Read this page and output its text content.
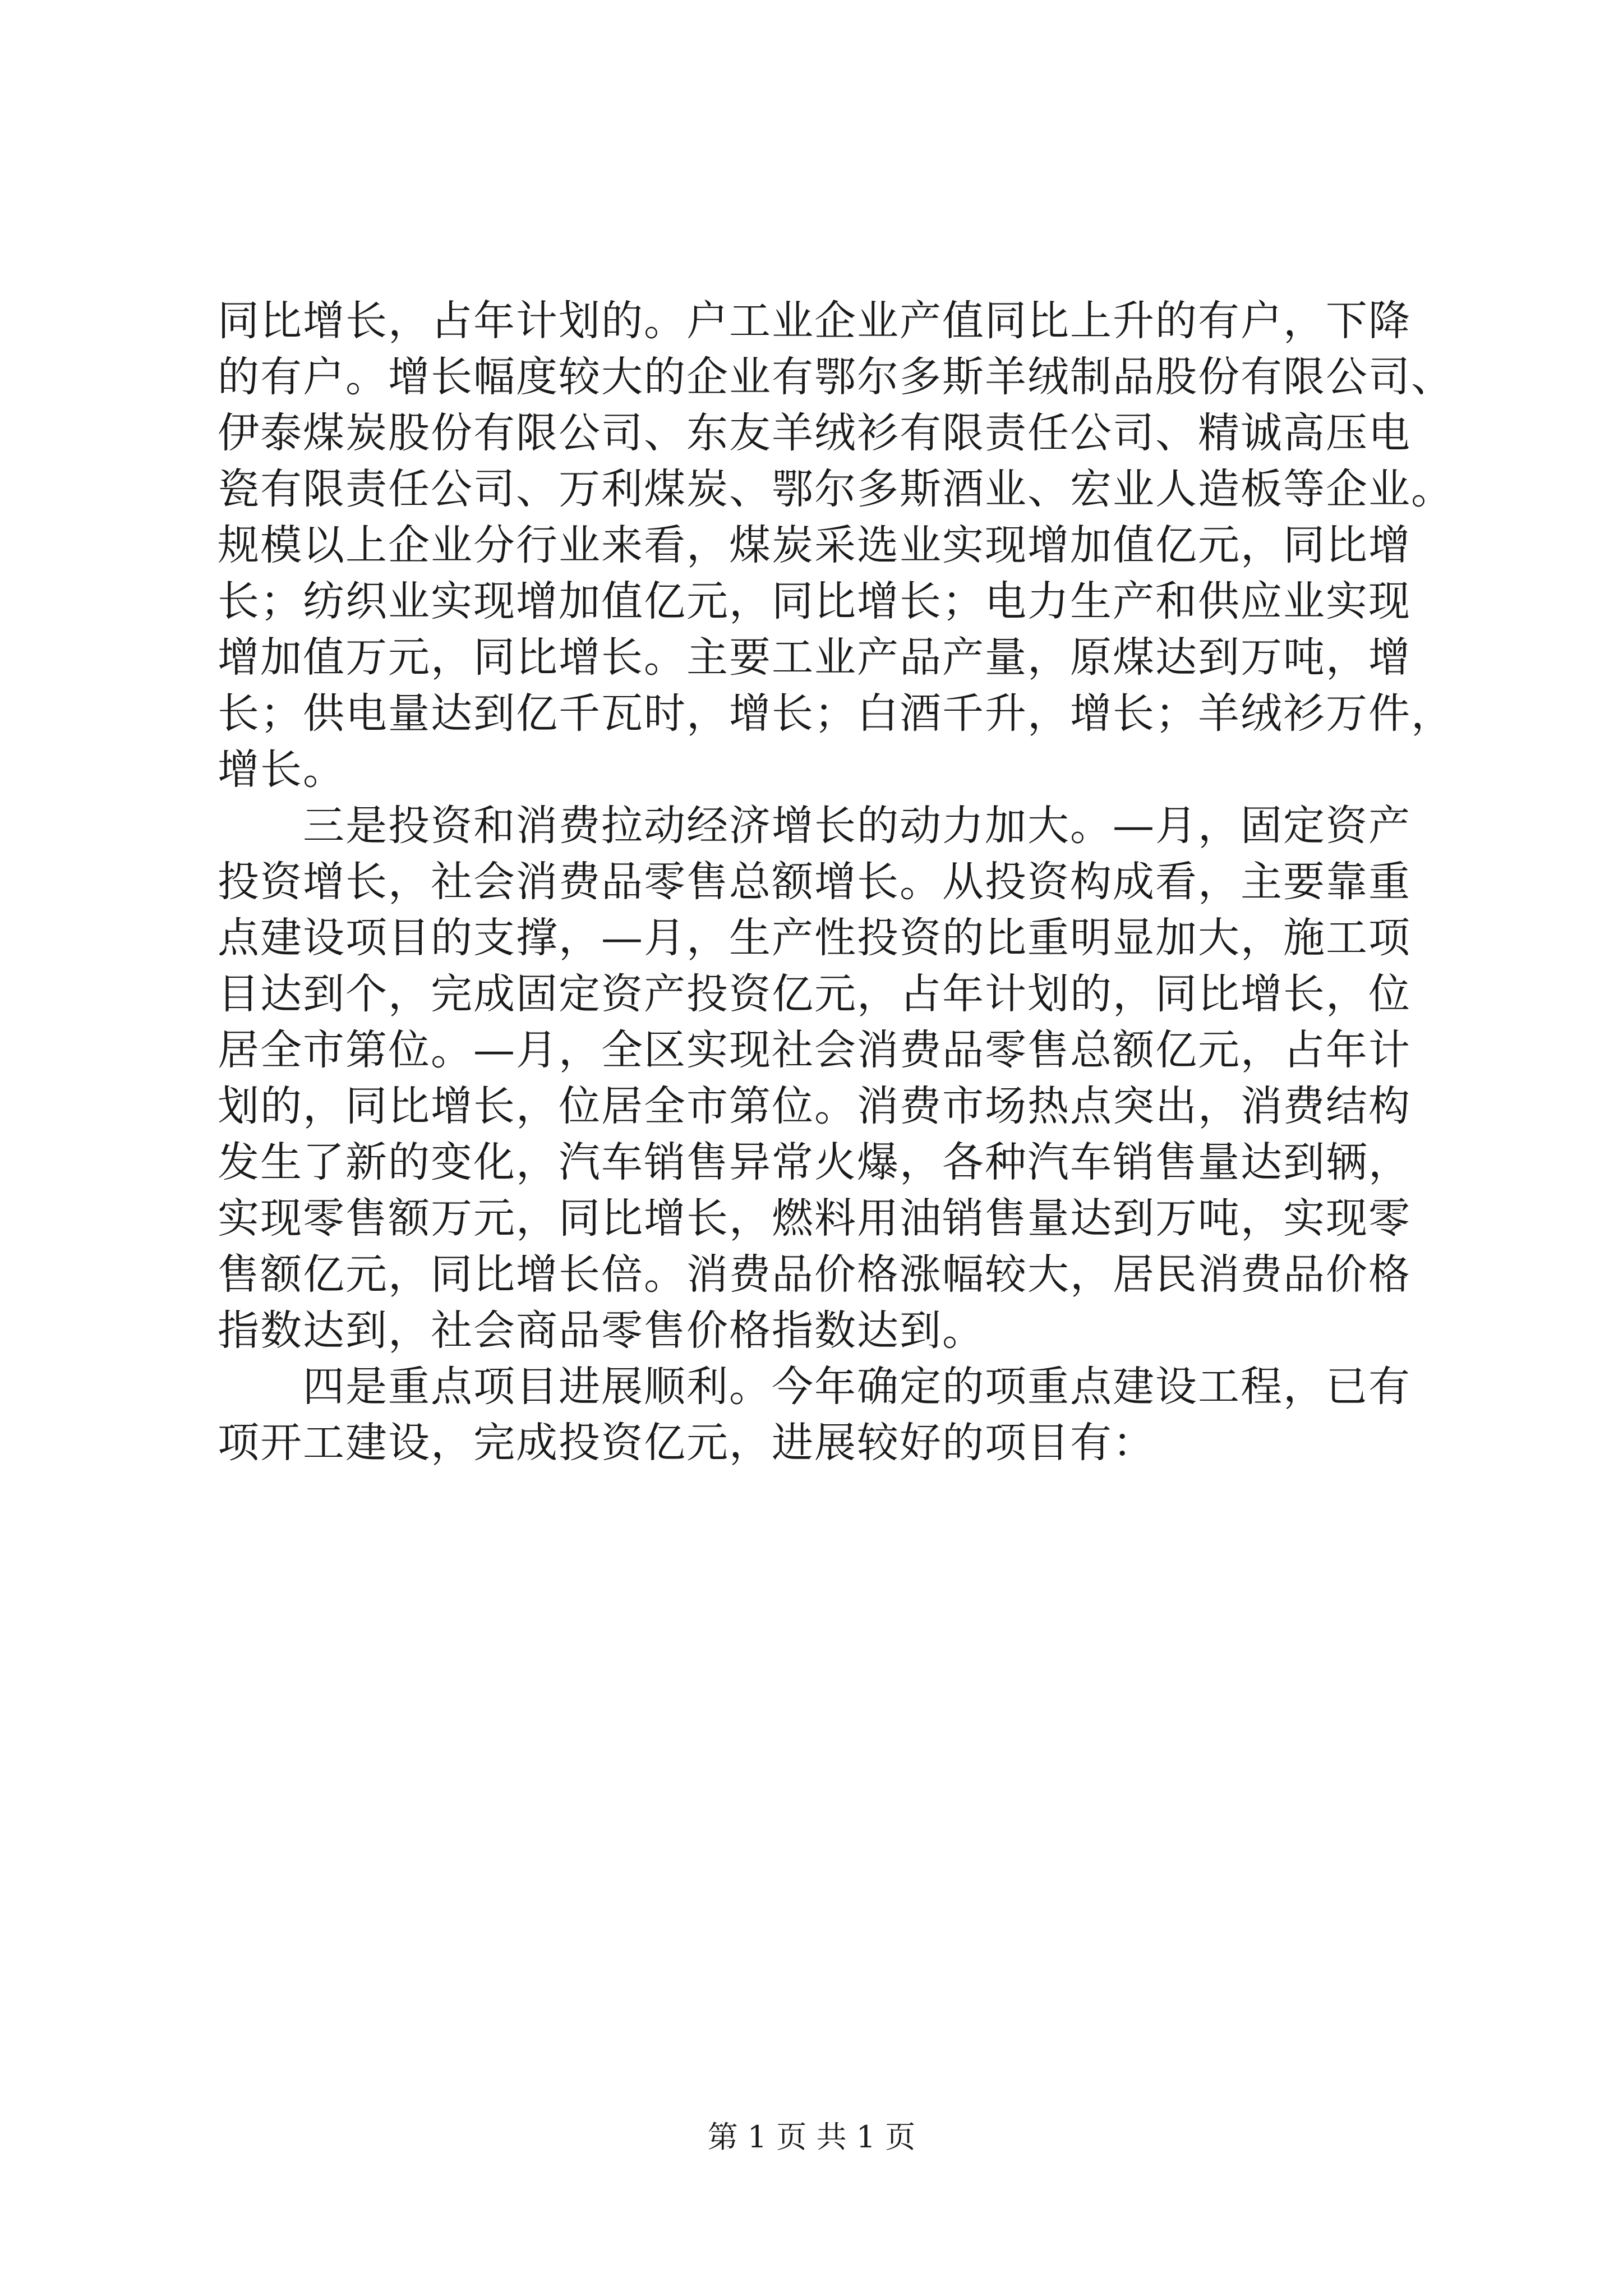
同比增长，占年计划的。户工业企业产值同比上升的有户，下降
的有户。增长幅度较大的企业有鄂尔多斯羊绒制品股份有限公司、
伊泰煤炭股份有限公司、东友羊绒衫有限责任公司、精诚高压电
瓷有限责任公司、万利煤炭、鄂尔多斯酒业、宏业人造板等企业。
规模以上企业分行业来看，煤炭采选业实现增加值亿元，同比增
长；纺织业实现增加值亿元，同比增长；电力生产和供应业实现
增加值万元，同比增长。主要工业产品产量，原煤达到万吨，增
长；供电量达到亿千瓦时，增长；白酒千升，增长；羊绒衫万件，
增长。
　　三是投资和消费拉动经济增长的动力加大。—月，固定资产
投资增长，社会消费品零售总额增长。从投资构成看，主要靠重
点建设项目的支撑，—月，生产性投资的比重明显加大，施工项
目达到个，完成固定资产投资亿元，占年计划的，同比增长，位
居全市第位。—月，全区实现社会消费品零售总额亿元，占年计
划的，同比增长，位居全市第位。消费市场热点突出，消费结构
发生了新的变化，汽车销售异常火爆，各种汽车销售量达到辆，
实现零售额万元，同比增长，燃料用油销售量达到万吨，实现零
售额亿元，同比增长倍。消费品价格涨幅较大，居民消费品价格
指数达到，社会商品零售价格指数达到。
　　四是重点项目进展顺利。今年确定的项重点建设工程，已有
项开工建设，完成投资亿元，进展较好的项目有：
第 1 页 共 1 页
